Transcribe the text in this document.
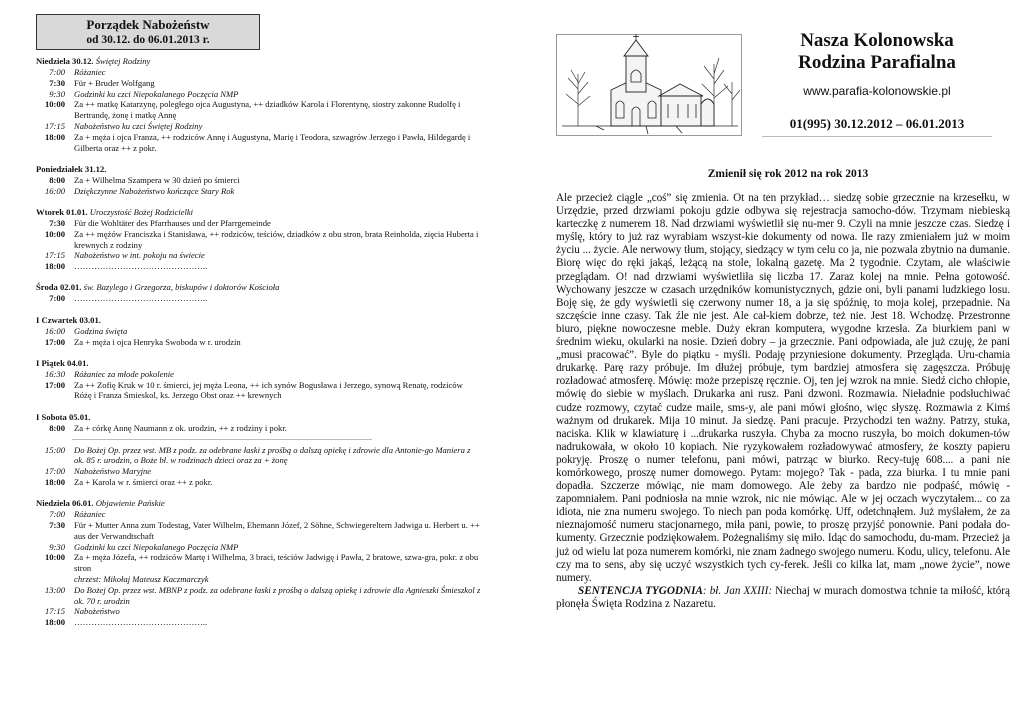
Porządek Nabożeństw
od 30.12. do 06.01.2013 r.
Niedziela 30.12. Świętej Rodziny
7:00	Różaniec
7:30	Für + Bruder Wolfgang
9:30	Godzinki ku czci Niepokalanego Poczęcia NMP
10:00	Za ++ matkę Katarzynę, poległego ojca Augustyna, ++ dziadków Karola i Florentynę, siostry zakonne Rudolfę i Bertrandę, żonę i matkę Annę
17:15	Nabożeństwo ku czci Świętej Rodziny
18:00	Za + męża i ojca Franza, ++ rodziców Annę i Augustyna, Marię i Teodora, szwagrów Jerzego i Pawła, Hildegardę i Gilberta oraz ++ z pokr.
Poniedziałek 31.12.
8:00	Za + Wilhelma Szampera w 30 dzień po śmierci
16:00	Dziękczynne Nabożeństwo kończące Stary Rok
Wtorek 01.01. Uroczystość Bożej Rodzicielki
7:30	Für die Wohltäter des Pfarrhauses und der Pfarrgemeinde
10:00	Za ++ mężów Franciszka i Stanisława, ++ rodziców, teściów, dziadków z obu stron, brata Reinholda, zięcia Huberta i krewnych z rodziny
17:15	Nabożeństwo w int. pokoju na świecie
18:00	………………………………………..
Środa 02.01. św. Bazylego i Grzegorza, biskupów i doktorów Kościoła
7:00	………………………………………..
I Czwartek 03.01.
16:00	Godzina święta
17:00	Za + męża i ojca Henryka Swoboda w r. urodzin
I Piątek 04.01.
16:30	Różaniec za młode pokolenie
17:00	Za ++ Zofię Kruk w 10 r. śmierci, jej męża Leona, ++ ich synów Bogusława i Jerzego, synową Renatę, rodziców Różę i Franza Smieskol, ks. Jerzego Obst oraz ++ krewnych
I Sobota 05.01.
8:00	Za + córkę Annę Naumann z ok. urodzin, ++ z rodziny i pokr.
15:00	Do Bożej Op. przez wst. MB z podz. za odebrane łaski z prośbą o dalszą opiekę i zdrowie dla Antonie-go Maniera z ok. 85 r. urodzin, o Boże bł. w rodzinach dzieci oraz za + żonę
17:00	Nabożeństwo Maryjne
18:00	Za + Karola w r. śmierci oraz ++ z pokr.
Niedziela 06.01. Objawienie Pańskie
7:00	Różaniec
7:30	Für + Mutter Anna zum Todestag, Vater Wilhelm, Ehemann Józef, 2 Söhne, Schwiegereltern Jadwiga u. Herbert u. ++ aus der Verwandtschaft
9:30	Godzinki ku czci Niepokalanego Poczęcia NMP
10:00	Za + męża Józefa, ++ rodziców Martę i Wilhelma, 3 braci, teściów Jadwigę i Pawła, 2 bratowe, szwa-gra, pokr. z obu stron
chrzest: Mikołaj Mateusz Kaczmarczyk
13:00	Do Bożej Op. przez wst. MBNP z podz. za odebrane łaski z prośbą o dalszą opiekę i zdrowie dla Agnieszki Śmieszkol z ok. 70 r. urodzin
17:15	Nabożeństwo
18:00	………………………………………..
Nasza Kolonowska
Rodzina Parafialna
www.parafia-kolonowskie.pl
01(995) 30.12.2012 – 06.01.2013
Zmienił się rok 2012 na rok 2013
Ale przecież ciągle „coś” się zmienia. Ot na ten przykład… siedzę sobie grzecznie na krzesełku, w Urzędzie, przed drzwiami pokoju gdzie odbywa się rejestracja samocho-dów. Trzymam niebieską karteczkę z numerem 18. Nad drzwiami wyświetlił się nu-mer 9. Czyli na mnie jeszcze czas. Siedzę i myślę, który to już raz wyrabiam wszyst-kie dokumenty od nowa. Ile razy zmieniałem już w moim życiu ... życie. Ale nerwowy tłum, stojący, siedzący w tym celu co ja, nie pozwala zbytnio na dumanie. Biorę więc do ręki jakąś, leżącą na stole, lokalną gazetę. Ma 2 tygodnie. Czytam, ale właściwie przeglądam. O! nad drzwiami wyświetliła się liczba 17. Zaraz kolej na mnie. Pełna gotowość. Wychowany jeszcze w czasach urzędników komunistycznych, gdzie oni, byli panami ludzkiego losu. Boję się, że gdy wyświetli się czerwony numer 18, a ja się spóźnię, to moja kolej, przepadnie. Na szczęście inne czasy. Tak źle nie jest. Ale cał-kiem dobrze, też nie. Jest 18. Wchodzę. Przestronne biuro, piękne nowoczesne meble. Duży ekran komputera, wygodne krzesła. Za biurkiem pani w średnim wieku, okularki na nosie. Dzień dobry – ja grzecznie. Pani odpowiada, ale już czuję, że pani „musi pracować”. Byle do piątku - myśli. Podaję przyniesione dokumenty. Przegląda. Uru-chamia drukarkę. Parę razy próbuje. Im dłużej próbuje, tym bardziej atmosfera się zagęszcza. Próbuję rozładować atmosferę. Mówię: może przepiszę ręcznie. Oj, ten jej wzrok na mnie. Siedź cicho chłopie, mówię do siebie w myślach. Drukarka ani rusz. Pani dzwoni. Rozmawia. Nieładnie podsłuchiwać cudze rozmowy, czytać cudze maile, sms-y, ale pani mówi głośno, więc słyszę. Rozmawia z Kimś ważnym od drukarek. Mija 10 minut. Ja siedzę. Pani pracuje. Przychodzi ten ważny. Patrzy, stuka, naciska. Klik w klawiaturę i ...drukarka ruszyła. Chyba za mocno ruszyła, bo moich dokumen-tów nadrukowała, w około 10 kopiach. Nie ryzykowałem rozładowywać atmosfery, że koszty papieru pokryję. Proszę o numer telefonu, pani mówi, patrząc w biurko. Recy-tuję 608.... a pani nie komórkowego, proszę numer domowego. Pytam: mojego? Tak - pada, zza biurka. I tu mnie pani dopadła. Szczerze mówiąc, nie mam domowego. Ale żeby za bardzo nie podpaść, mówię - zapomniałem. Pani podniosła na mnie wzrok, nic nie mówiąc. Ale w jej oczach wyczytałem... co za idiota, nie zna numeru swojego. To niech pan poda komórkę. Uff, odetchnąłem. Już myślałem, że za nieznajomość numeru stacjonarnego, miła pani, powie, to proszę przyjść ponownie. Pani podała do-kumenty. Grzecznie podziękowałem. Pożegnaliśmy się miło. Idąc do samochodu, du-mam. Przecież ja już od wielu lat poza numerem komórki, nie znam żadnego swojego numeru. Kodu, ulicy, telefonu. Ale czy ma to sens, aby się uczyć wszystkich tych cy-ferek. Jeśli co kilka lat, mam „nowe życie”, nowe numery.
SENTENCJA TYGODNIA: bł. Jan XXIII: Niechaj w murach domostwa tchnie ta miłość, którą płonęła Święta Rodzina z Nazaretu.
